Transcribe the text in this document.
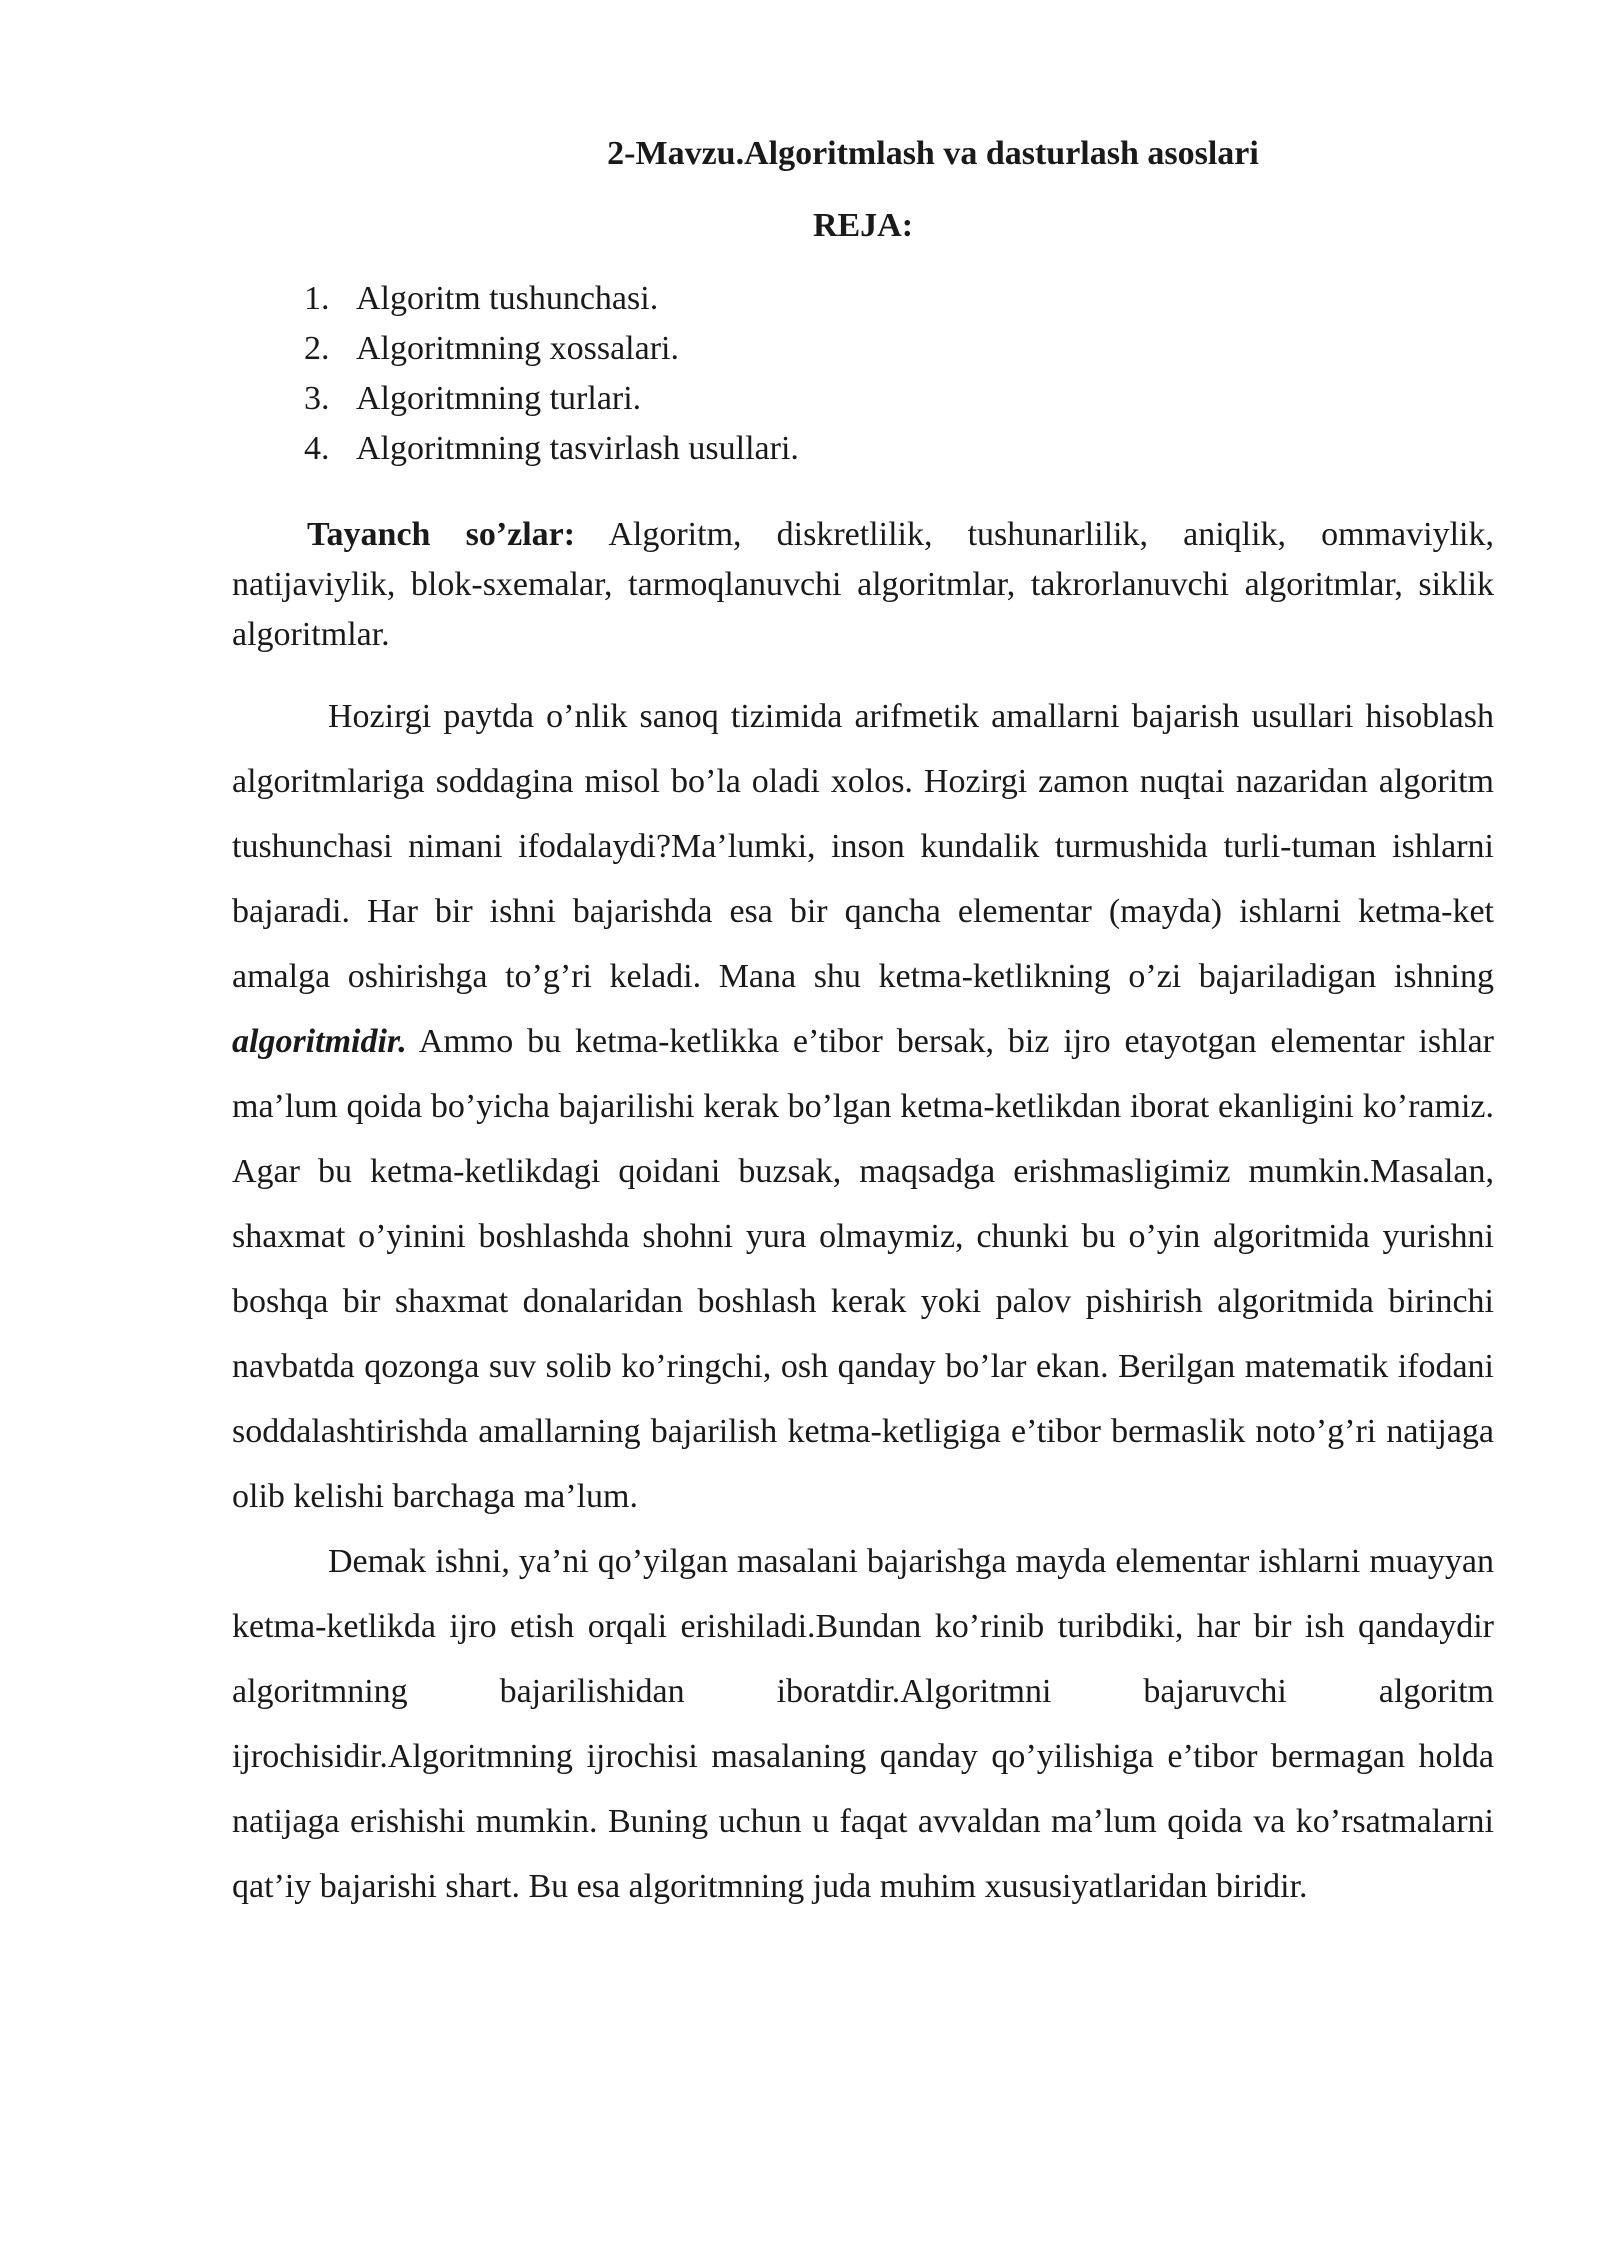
2-Mavzu.Algoritmlash va dasturlash asoslari
REJA:
1. Algoritm tushunchasi.
2. Algoritmning xossalari.
3. Algoritmning turlari.
4. Algoritmning tasvirlash usullari.

Tayanch so’zlar: Algoritm, diskretlilik, tushunarlilik, aniqlik, ommaviylik, natijaviylik, blok-sxemalar, tarmoqlanuvchi algoritmlar, takrorlanuvchi algoritmlar, siklik algoritmlar.

Hozirgi paytda o’nlik sanoq tizimida arifmetik amallarni bajarish usullari hisoblash algoritmlariga soddagina misol bo’la oladi xolos. Hozirgi zamon nuqtai nazaridan algoritm tushunchasi nimani ifodalaydi?Ma’lumki, inson kundalik turmushida turli-tuman ishlarni bajaradi. Har bir ishni bajarishda esa bir qancha elementar (mayda) ishlarni ketma-ket amalga oshirishga to’g’ri keladi. Mana shu ketma-ketlikning o’zi bajariladigan ishning algoritmidir. Ammo bu ketma-ketlikka e’tibor bersak, biz ijro etayotgan elementar ishlar ma’lum qoida bo’yicha bajarilishi kerak bo’lgan ketma-ketlikdan iborat ekanligini ko’ramiz. Agar bu ketma-ketlikdagi qoidani buzsak, maqsadga erishmasligimiz mumkin.Masalan, shaxmat o’yinini boshlashda shohni yura olmaymiz, chunki bu o’yin algoritmida yurishni boshqa bir shaxmat donalaridan boshlash kerak yoki palov pishirish algoritmida birinchi navbatda qozonga suv solib ko’ringchi, osh qanday bo’lar ekan. Berilgan matematik ifodani soddalashtirishda amallarning bajarilish ketma-ketligiga e’tibor bermaslik noto’g’ri natijaga olib kelishi barchaga ma’lum.

Demak ishni, ya’ni qo’yilgan masalani bajarishga mayda elementar ishlarni muayyan ketma-ketlikda ijro etish orqali erishiladi.Bundan ko’rinib turibdiki, har bir ish qandaydir algoritmning bajarilishidan iboratdir.Algoritmni bajaruvchi algoritm ijrochisidir.Algoritmning ijrochisi masalaning qanday qo’yilishiga e’tibor bermagan holda natijaga erishishi mumkin. Buning uchun u faqat avvaldan ma’lum qoida va ko’rsatmalarni qat’iy bajarishi shart. Bu esa algoritmning juda muhim xususiyatlaridan biridir.
